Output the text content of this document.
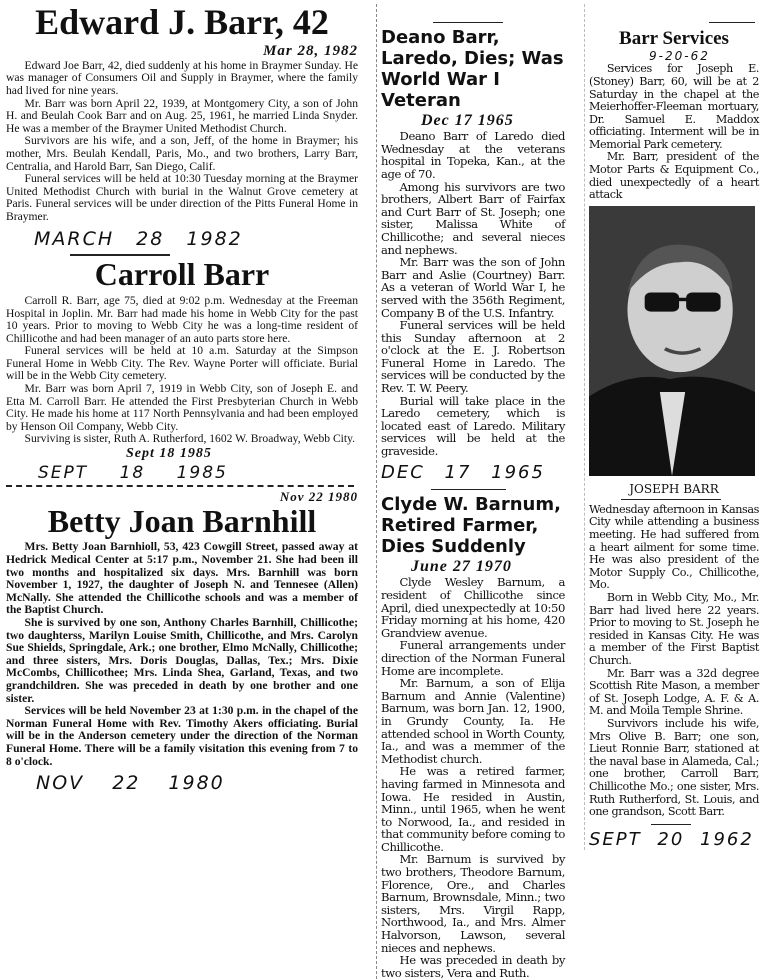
Edward J. Barr, 42
Mar 28, 1982

Edward Joe Barr, 42, died suddenly at his home in Braymer Sunday. He was manager of Consumers Oil and Supply in Braymer, where the family had lived for nine years.

Mr. Barr was born April 22, 1939, at Montgomery City, a son of John H. and Beulah Cook Barr and on Aug. 25, 1961, he married Linda Snyder. He was a member of the Braymer United Methodist Church.

Survivors are his wife, and a son, Jeff, of the home in Braymer; his mother, Mrs. Beulah Kendall, Paris, Mo., and two brothers, Larry Barr, Centralia, and Harold Barr, San Diego, Calif.

Funeral services will be held at 10:30 Tuesday morning at the Braymer United Methodist Church with burial in the Walnut Grove cemetery at Paris. Funeral services will be under direction of the Pitts Funeral Home in Braymer.

MARCH 28 1982
Carroll Barr

Carroll R. Barr, age 75, died at 9:02 p.m. Wednesday at the Freeman Hospital in Joplin. Mr. Barr had made his home in Webb City for the past 10 years. Prior to moving to Webb City he was a long-time resident of Chillicothe and had been manager of an auto parts store here.

Funeral services will be held at 10 a.m. Saturday at the Simpson Funeral Home in Webb City. The Rev. Wayne Porter will officiate. Burial will be in the Webb City cemetery.

Mr. Barr was born April 7, 1919 in Webb City, son of Joseph E. and Etta M. Carroll Barr. He attended the First Presbyterian Church in Webb City. He made his home at 117 North Pennsylvania and had been employed by Henson Oil Company, Webb City.

Surviving is sister, Ruth A. Rutherford, 1602 W. Broadway, Webb City.

Sept 18 1985
SEPT 18 1985
Nov 22 1980
Betty Joan Barnhill

Mrs. Betty Joan Barnhioll, 53, 423 Cowgill Street, passed away at Hedrick Medical Center at 5:17 p.m., November 21. She had been ill two months and hospitalized six days. Mrs. Barnhill was born November 1, 1927, the daughter of Joseph N. and Tennesee (Allen) McNally. She attended the Chillicothe schools and was a member of the Baptist Church.

She is survived by one son, Anthony Charles Barnhill, Chillicothe; two daughterss, Marilyn Louise Smith, Chillicothe, and Mrs. Carolyn Sue Shields, Springdale, Ark.; one brother, Elmo McNally, Chillicothe; and three sisters, Mrs. Doris Douglas, Dallas, Tex.; Mrs. Dixie McCombs, Chillicothee; Mrs. Linda Shea, Garland, Texas, and two grandchildren. She was preceded in death by one brother and one sister.

Services will be held November 23 at 1:30 p.m. in the chapel of the Norman Funeral Home with Rev. Timothy Akers officiating. Burial will be in the Anderson cemetery under the direction of the Norman Funeral Home. There will be a family visitation this evening from 7 to 8 o'clock.

NOV 22 1980
Deano Barr, Laredo, Dies; Was World War I Veteran
Dec 17 1965

Deano Barr of Laredo died Wednesday at the veterans hospital in Topeka, Kan., at the age of 70.

Among his survivors are two brothers, Albert Barr of Fairfax and Curt Barr of St. Joseph; one sister, Malissa White of Chillicothe; and several nieces and nephews.

Mr. Barr was the son of John Barr and Aslie (Courtney) Barr. As a veteran of World War I, he served with the 356th Regiment, Company B of the U.S. Infantry.

Funeral services will be held this Sunday afternoon at 2 o'clock at the E. J. Robertson Funeral Home in Laredo. The services will be conducted by the Rev. T. W. Peery.

Burial will take place in the Laredo cemetery, which is located east of Laredo. Military services will be held at the graveside.

DEC 17 1965
Clyde W. Barnum, Retired Farmer, Dies Suddenly
June 27 1970

Clyde Wesley Barnum, a resident of Chillicothe since April, died unexpectedly at 10:50 Friday morning at his home, 420 Grandview avenue.

Funeral arrangements under direction of the Norman Funeral Home are incomplete.

Mr. Barnum, a son of Elija Barnum and Annie (Valentine) Barnum, was born Jan. 12, 1900, in Grundy County, Ia. He attended school in Worth County, Ia., and was a memmer of the Methodist church.

He was a retired farmer, having farmed in Minnesota and Iowa. He resided in Austin, Minn., until 1965, when he went to Norwood, Ia., and resided in that community before coming to Chillicothe.

Mr. Barnum is survived by two brothers, Theodore Barnum, Florence, Ore., and Charles Barnum, Brownsdale, Minn.; two sisters, Mrs. Virgil Rapp, Northwood, Ia., and Mrs. Almer Halvorson, Lawson, several nieces and nephews.

He was preceded in death by two sisters, Vera and Ruth.

Barr Services
9-20-62

Services for Joseph E. (Stoney) Barr, 60, will be at 2 Saturday in the chapel at the Meierhoffer-Fleeman mortuary, Dr. Samuel E. Maddox officiating. Interment will be in Memorial Park cemetery.

Mr. Barr, president of the Motor Parts & Equipment Co., died unexpectedly of a heart attack

JOSEPH BARR

Wednesday afternoon in Kansas City while attending a business meeting. He had suffered from a heart ailment for some time. He was also president of the Motor Supply Co., Chillicothe, Mo.

Born in Webb City, Mo., Mr. Barr had lived here 22 years. Prior to moving to St. Joseph he resided in Kansas City. He was a member of the First Baptist Church.

Mr. Barr was a 32d degree Scottish Rite Mason, a member of St. Joseph Lodge, A. F. & A. M. and Moila Temple Shrine.

Survivors include his wife, Mrs Olive B. Barr; one son, Lieut Ronnie Barr, stationed at the naval base in Alameda, Cal.; one brother, Carroll Barr, Chillicothe Mo.; one sister, Mrs. Ruth Rutherford, St. Louis, and one grandson, Scott Barr.

SEPT 20 1962
